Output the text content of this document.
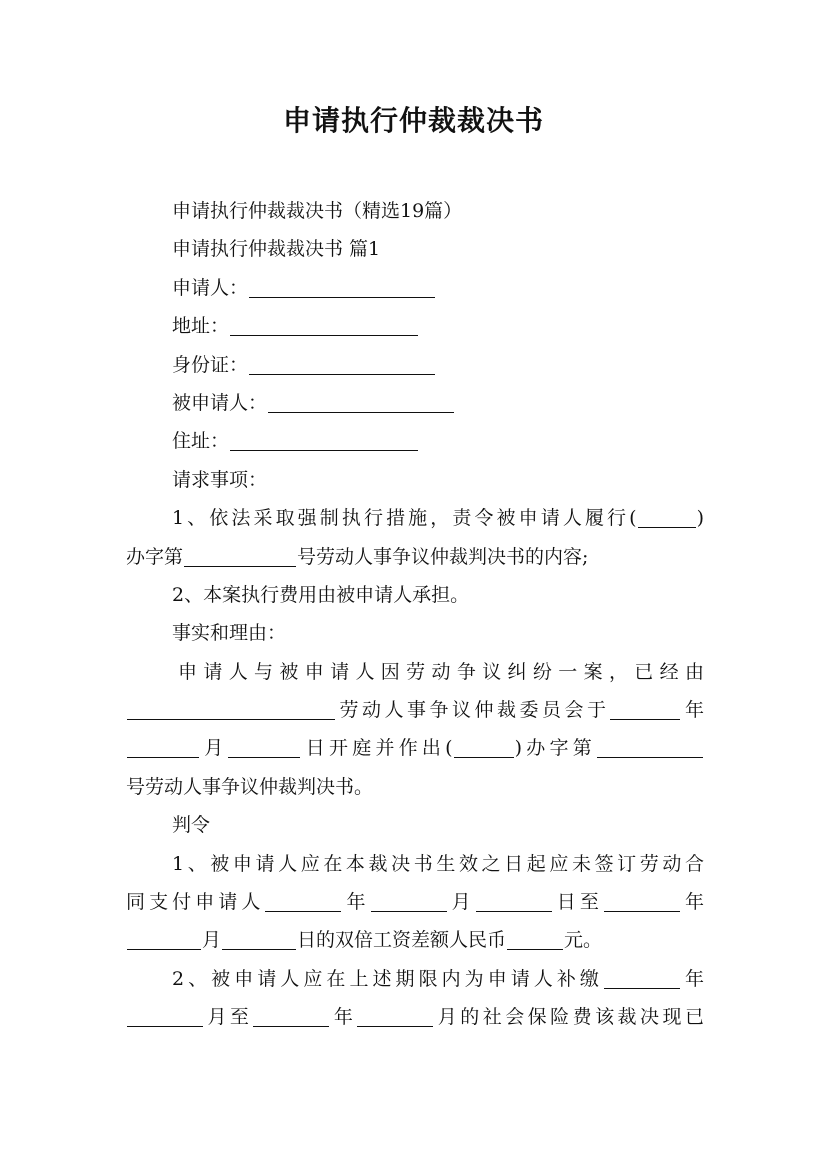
申请执行仲裁裁决书
申请执行仲裁裁决书（精选19篇）
申请执行仲裁裁决书 篇1
申请人：
地址：
身份证：
被申请人：
住址：
请求事项：
1、依法采取强制执行措施，责令被申请人履行(	)
办字第	号劳动人事争议仲裁判决书的内容;
2、本案执行费用由被申请人承担。
事实和理由：
申请人与被申请人因劳动争议纠纷一案，已经由
劳动人事争议仲裁委员会于	年
月	日开庭并作出(	)办字第
号劳动人事争议仲裁判决书。
判令
1、被申请人应在本裁决书生效之日起应未签订劳动合
同支付申请人	年	月	日至	年
月	日的双倍工资差额人民币	元。
2、被申请人应在上述期限内为申请人补缴	年
月至	年	月的社会保险费该裁决现已
